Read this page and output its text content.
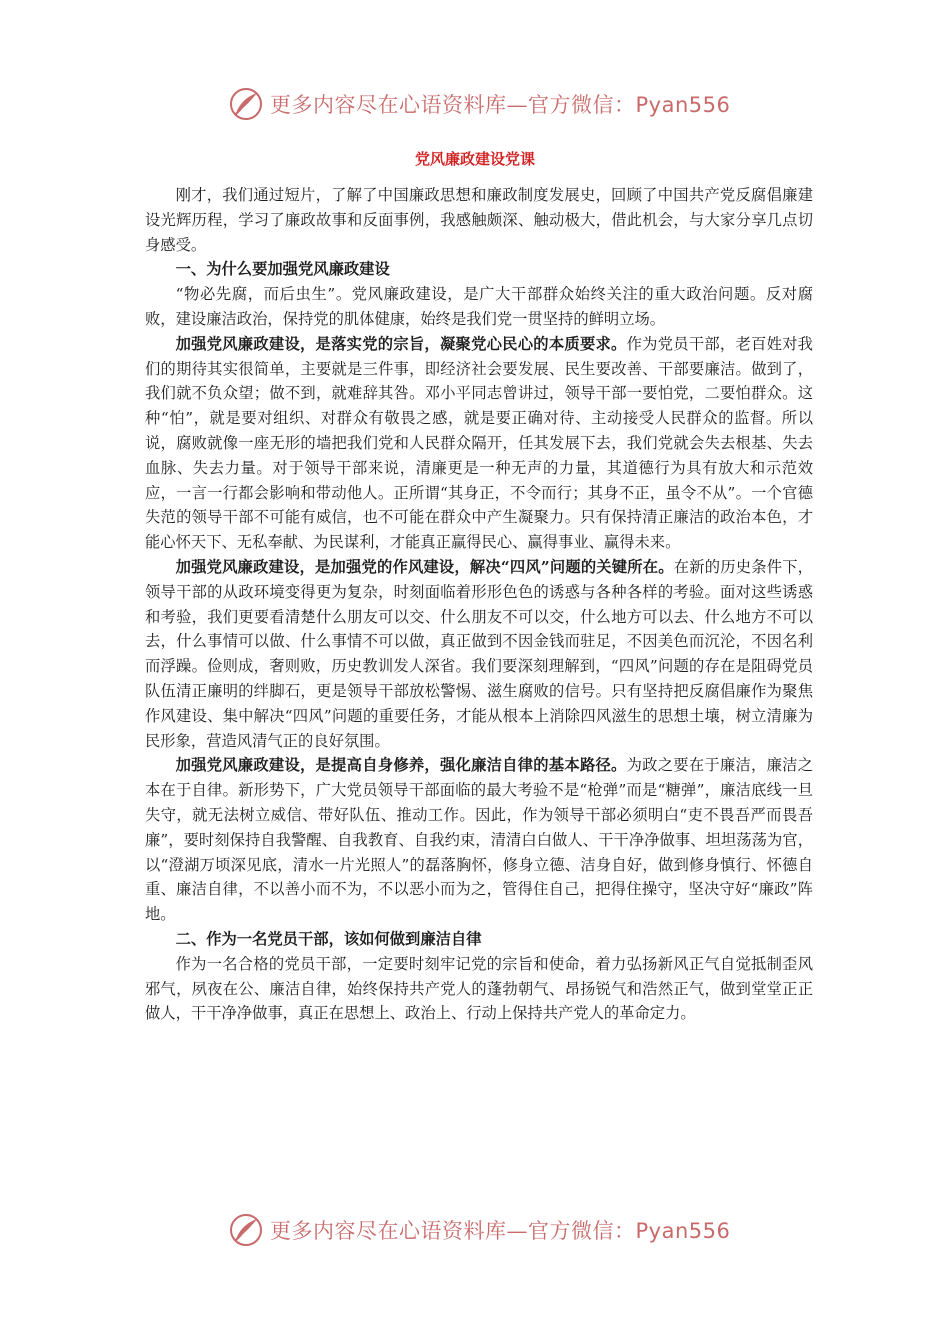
更多内容尽在心语资料库—官方微信：Pyan556
党风廉政建设党课

刚才，我们通过短片，了解了中国廉政思想和廉政制度发展史，回顾了中国共产党反腐倡廉建设光辉历程，学习了廉政故事和反面事例，我感触颇深、触动极大，借此机会，与大家分享几点切身感受。

一、为什么要加强党风廉政建设

“物必先腐，而后虫生”。党风廉政建设，是广大干部群众始终关注的重大政治问题。反对腐败，建设廉洁政治，保持党的肌体健康，始终是我们党一贯坚持的鲜明立场。

加强党风廉政建设，是落实党的宗旨，凝聚党心民心的本质要求。作为党员干部，老百姓对我们的期待其实很简单，主要就是三件事，即经济社会要发展、民生要改善、干部要廉洁。做到了，我们就不负众望；做不到，就难辞其咎。邓小平同志曾讲过，领导干部一要怕党，二要怕群众。这种“怕”，就是要对组织、对群众有敬畏之感，就是要正确对待、主动接受人民群众的监督。所以说，腐败就像一座无形的墙把我们党和人民群众隔开，任其发展下去，我们党就会失去根基、失去血脉、失去力量。对于领导干部来说，清廉更是一种无声的力量，其道德行为具有放大和示范效应，一言一行都会影响和带动他人。正所谓“其身正，不令而行；其身不正，虽令不从”。一个官德失范的领导干部不可能有威信，也不可能在群众中产生凝聚力。只有保持清正廉洁的政治本色，才能心怀天下、无私奉献、为民谋利，才能真正赢得民心、赢得事业、赢得未来。

加强党风廉政建设，是加强党的作风建设，解决“四风”问题的关键所在。在新的历史条件下，领导干部的从政环境变得更为复杂，时刻面临着形形色色的诱惑与各种各样的考验。面对这些诱惑和考验，我们更要看清楚什么朋友可以交、什么朋友不可以交，什么地方可以去、什么地方不可以去，什么事情可以做、什么事情不可以做，真正做到不因金钱而驻足，不因美色而沉沦，不因名利而浮躁。俭则成，奢则败，历史教训发人深省。我们要深刻理解到，“四风”问题的存在是阻碍党员队伍清正廉明的绊脚石，更是领导干部放松警惕、滋生腐败的信号。只有坚持把反腐倡廉作为聚焦作风建设、集中解决“四风”问题的重要任务，才能从根本上消除四风滋生的思想土壤，树立清廉为民形象，营造风清气正的良好氛围。

加强党风廉政建设，是提高自身修养，强化廉洁自律的基本路径。为政之要在于廉洁，廉洁之本在于自律。新形势下，广大党员领导干部面临的最大考验不是“枪弹”而是“糖弹”，廉洁底线一旦失守，就无法树立威信、带好队伍、推动工作。因此，作为领导干部必须明白“吏不畏吾严而畏吾廉”，要时刻保持自我警醒、自我教育、自我约束，清清白白做人、干干净净做事、坦坦荡荡为官，以“澄湖万顷深见底，清水一片光照人”的磊落胸怀，修身立德、洁身自好，做到修身慎行、怀德自重、廉洁自律，不以善小而不为，不以恶小而为之，管得住自己，把得住操守，坚决守好“廉政”阵地。

二、作为一名党员干部，该如何做到廉洁自律

作为一名合格的党员干部，一定要时刻牢记党的宗旨和使命，着力弘扬新风正气自觉抵制歪风邪气，夙夜在公、廉洁自律，始终保持共产党人的蓬勃朝气、昂扬锐气和浩然正气，做到堂堂正正做人，干干净净做事，真正在思想上、政治上、行动上保持共产党人的革命定力。

更多内容尽在心语资料库—官方微信：Pyan556
